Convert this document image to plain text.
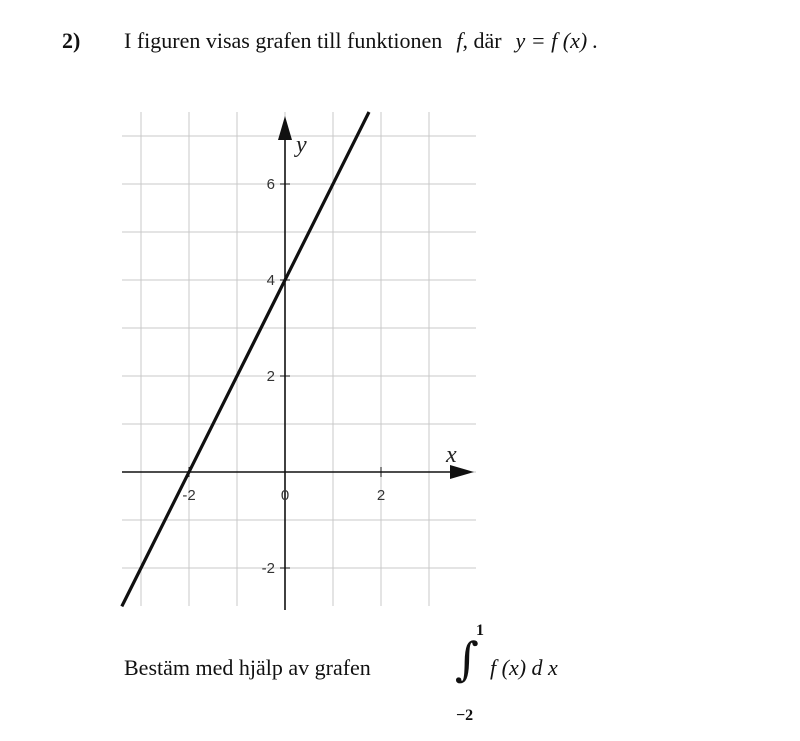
2) I figuren visas grafen till funktionen f, där y = f (x) .
x
y
-2	0	2
-2
2
4
6
Bestäm med hjälp av grafen
1
∫
−2
f (x) d x
